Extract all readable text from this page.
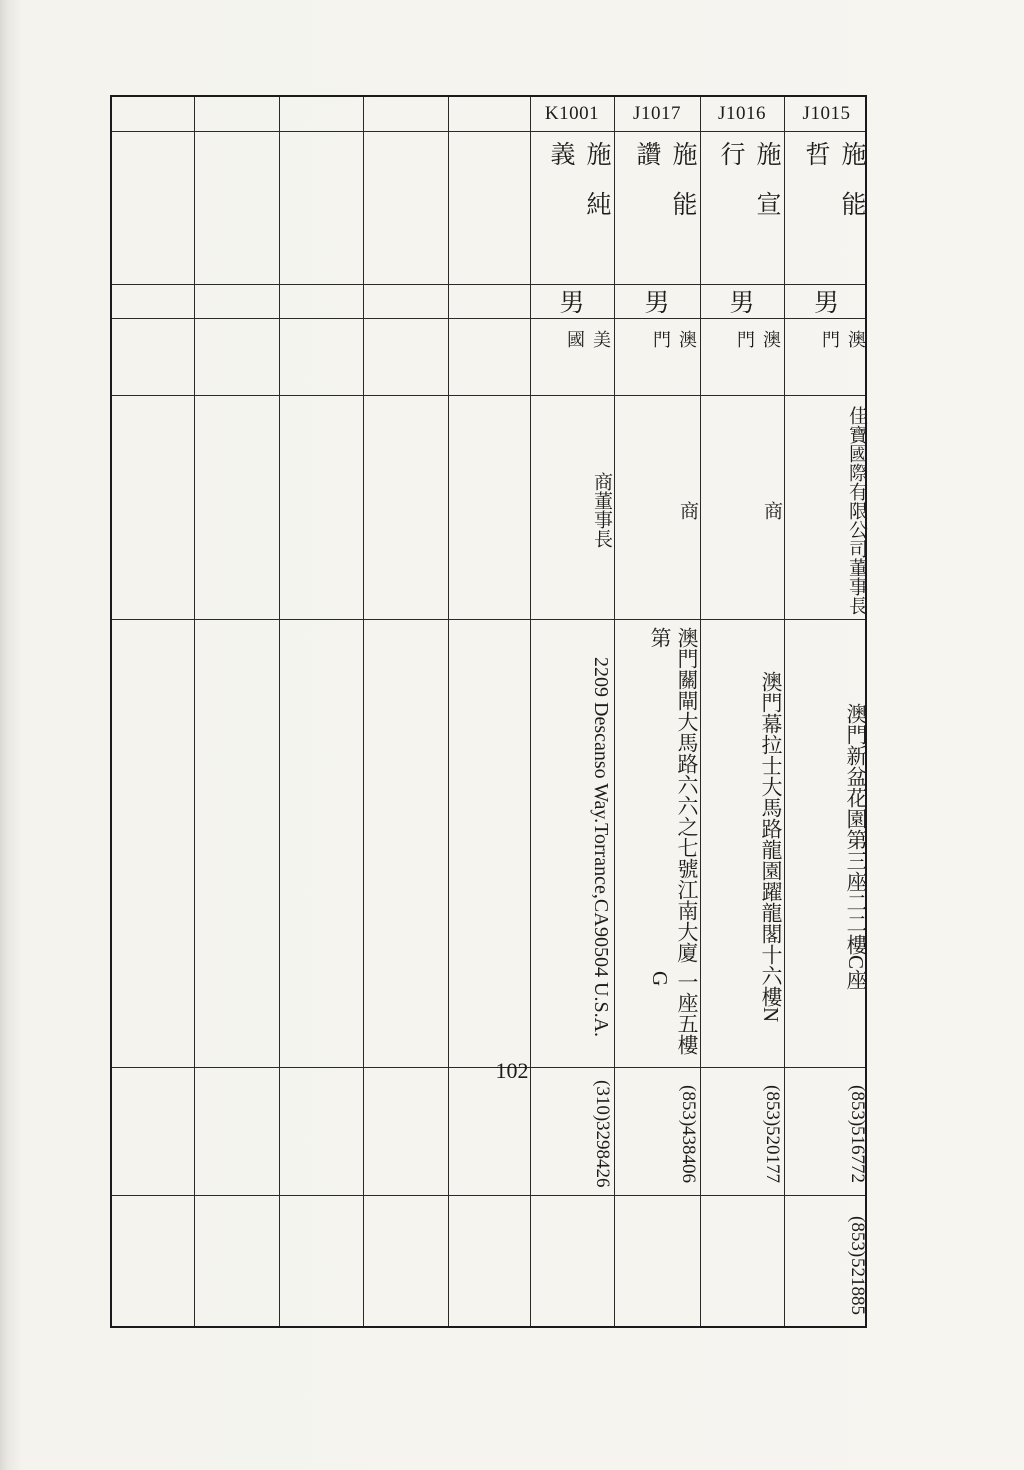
J1015
施能哲
男
澳門
佳寶國際有限公司
董事長
澳門新盆花園第三座二二樓C座
(853)
516772
(853)
521885
J1016
施宣行
男
澳門
商
澳門幕拉士大馬路龍園躍龍閣十六樓N
(853)
520177
J1017
施能讚
男
澳門
商
澳門關閘大馬路六六之七號江南大廈第
一座五樓G
(853)
438406
K1001
施純義
男
美國
商
董事長
2209 Descanso Way.Torrance,CA
90504 U.S.A.
(310)
3298426
102
